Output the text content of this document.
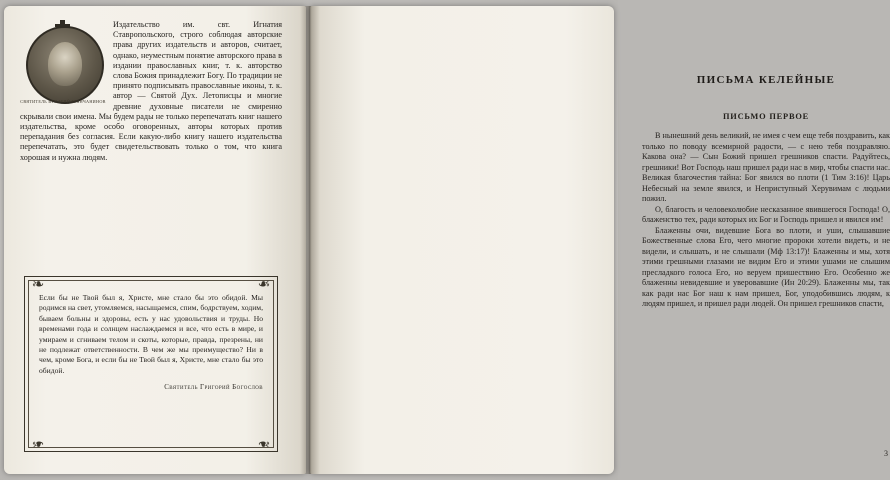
СВЯТИТЕЛЬ ИГНАТИЙ БРЯНЧАНИНОВ

Издательство им. свт. Игнатия Ставропольского, строго соблюдая авторские права других издательств и авторов, считает, однако, неуместным понятие авторского права в издании православных книг, т. к. авторство слова Божия принадлежит Богу. По традиции не принято подписывать православные иконы, т. к. автор — Святой Дух. Летописцы и многие древние духовные писатели не смиренно скрывали свои имена. Мы будем рады не только перепечатать книг нашего издательства, кроме особо оговоренных, авторы которых против перепадания без согласия. Если какую-либо книгу нашего издательства перепечатать, это будет свидетельствовать только о том, что книга хорошая и нужна людям.

❧	❧
❧	❧

Если бы не Твой был я, Христе, мне стало бы это обидой. Мы родимся на свет, утомляемся, насыщаемся, спим, бодрствуем, ходим, бываем больны и здоровы, есть у нас удовольствия и труды. Но временами года и солнцем наслаждаемся и все, что есть в мире, и умираем и сгниваем телом и скоты, которые, правда, презрены, ни не подлежат ответственности. В чем же мы преимущество? Ни в чем, кроме Бога, и если бы не Твой был я, Христе, мне стало бы это обидой.

Святитель Григорий Богослов
ПИСЬМА КЕЛЕЙНЫЕ
ПИСЬМО ПЕРВОЕ

В нынешний день великий, не имея с чем еще тебя поздравить, как только по поводу всемирной радости, — с нею тебя поздравляю. Какова она? — Сын Божий пришел грешников спасти. Радуйтесь, грешники! Вот Господь наш пришел ради нас в мир, чтобы спасти нас. Великая благочестия тайна: Бог явился во плоти (1 Тим 3:16)! Царь Небесный на земле явился, и Неприступный Херувимам с людьми пожил.

О, благость и человеколюбие несказанное явившегося Господа! О, блаженство тех, ради которых их Бог и Господь пришел и явился им!

Блаженны очи, видевшие Бога во плоти, и уши, слышавшие Божественные слова Его, чего многие пророки хотели видеть, и не видели, и слышать, и не слышали (Мф 13:17)! Блаженны и мы, хотя этими грешными глазами не видим Его и этими ушами не слышим пресладкого голоса Его, но веруем пришествию Его. Особенно же блаженны невидевшие и уверовавшие (Ин 20:29). Блаженны мы, так как ради нас Бог наш к нам пришел, Бог, уподобившись людям, к людям пришел, и пришел ради людей. Он пришел грешников спасти,

3
